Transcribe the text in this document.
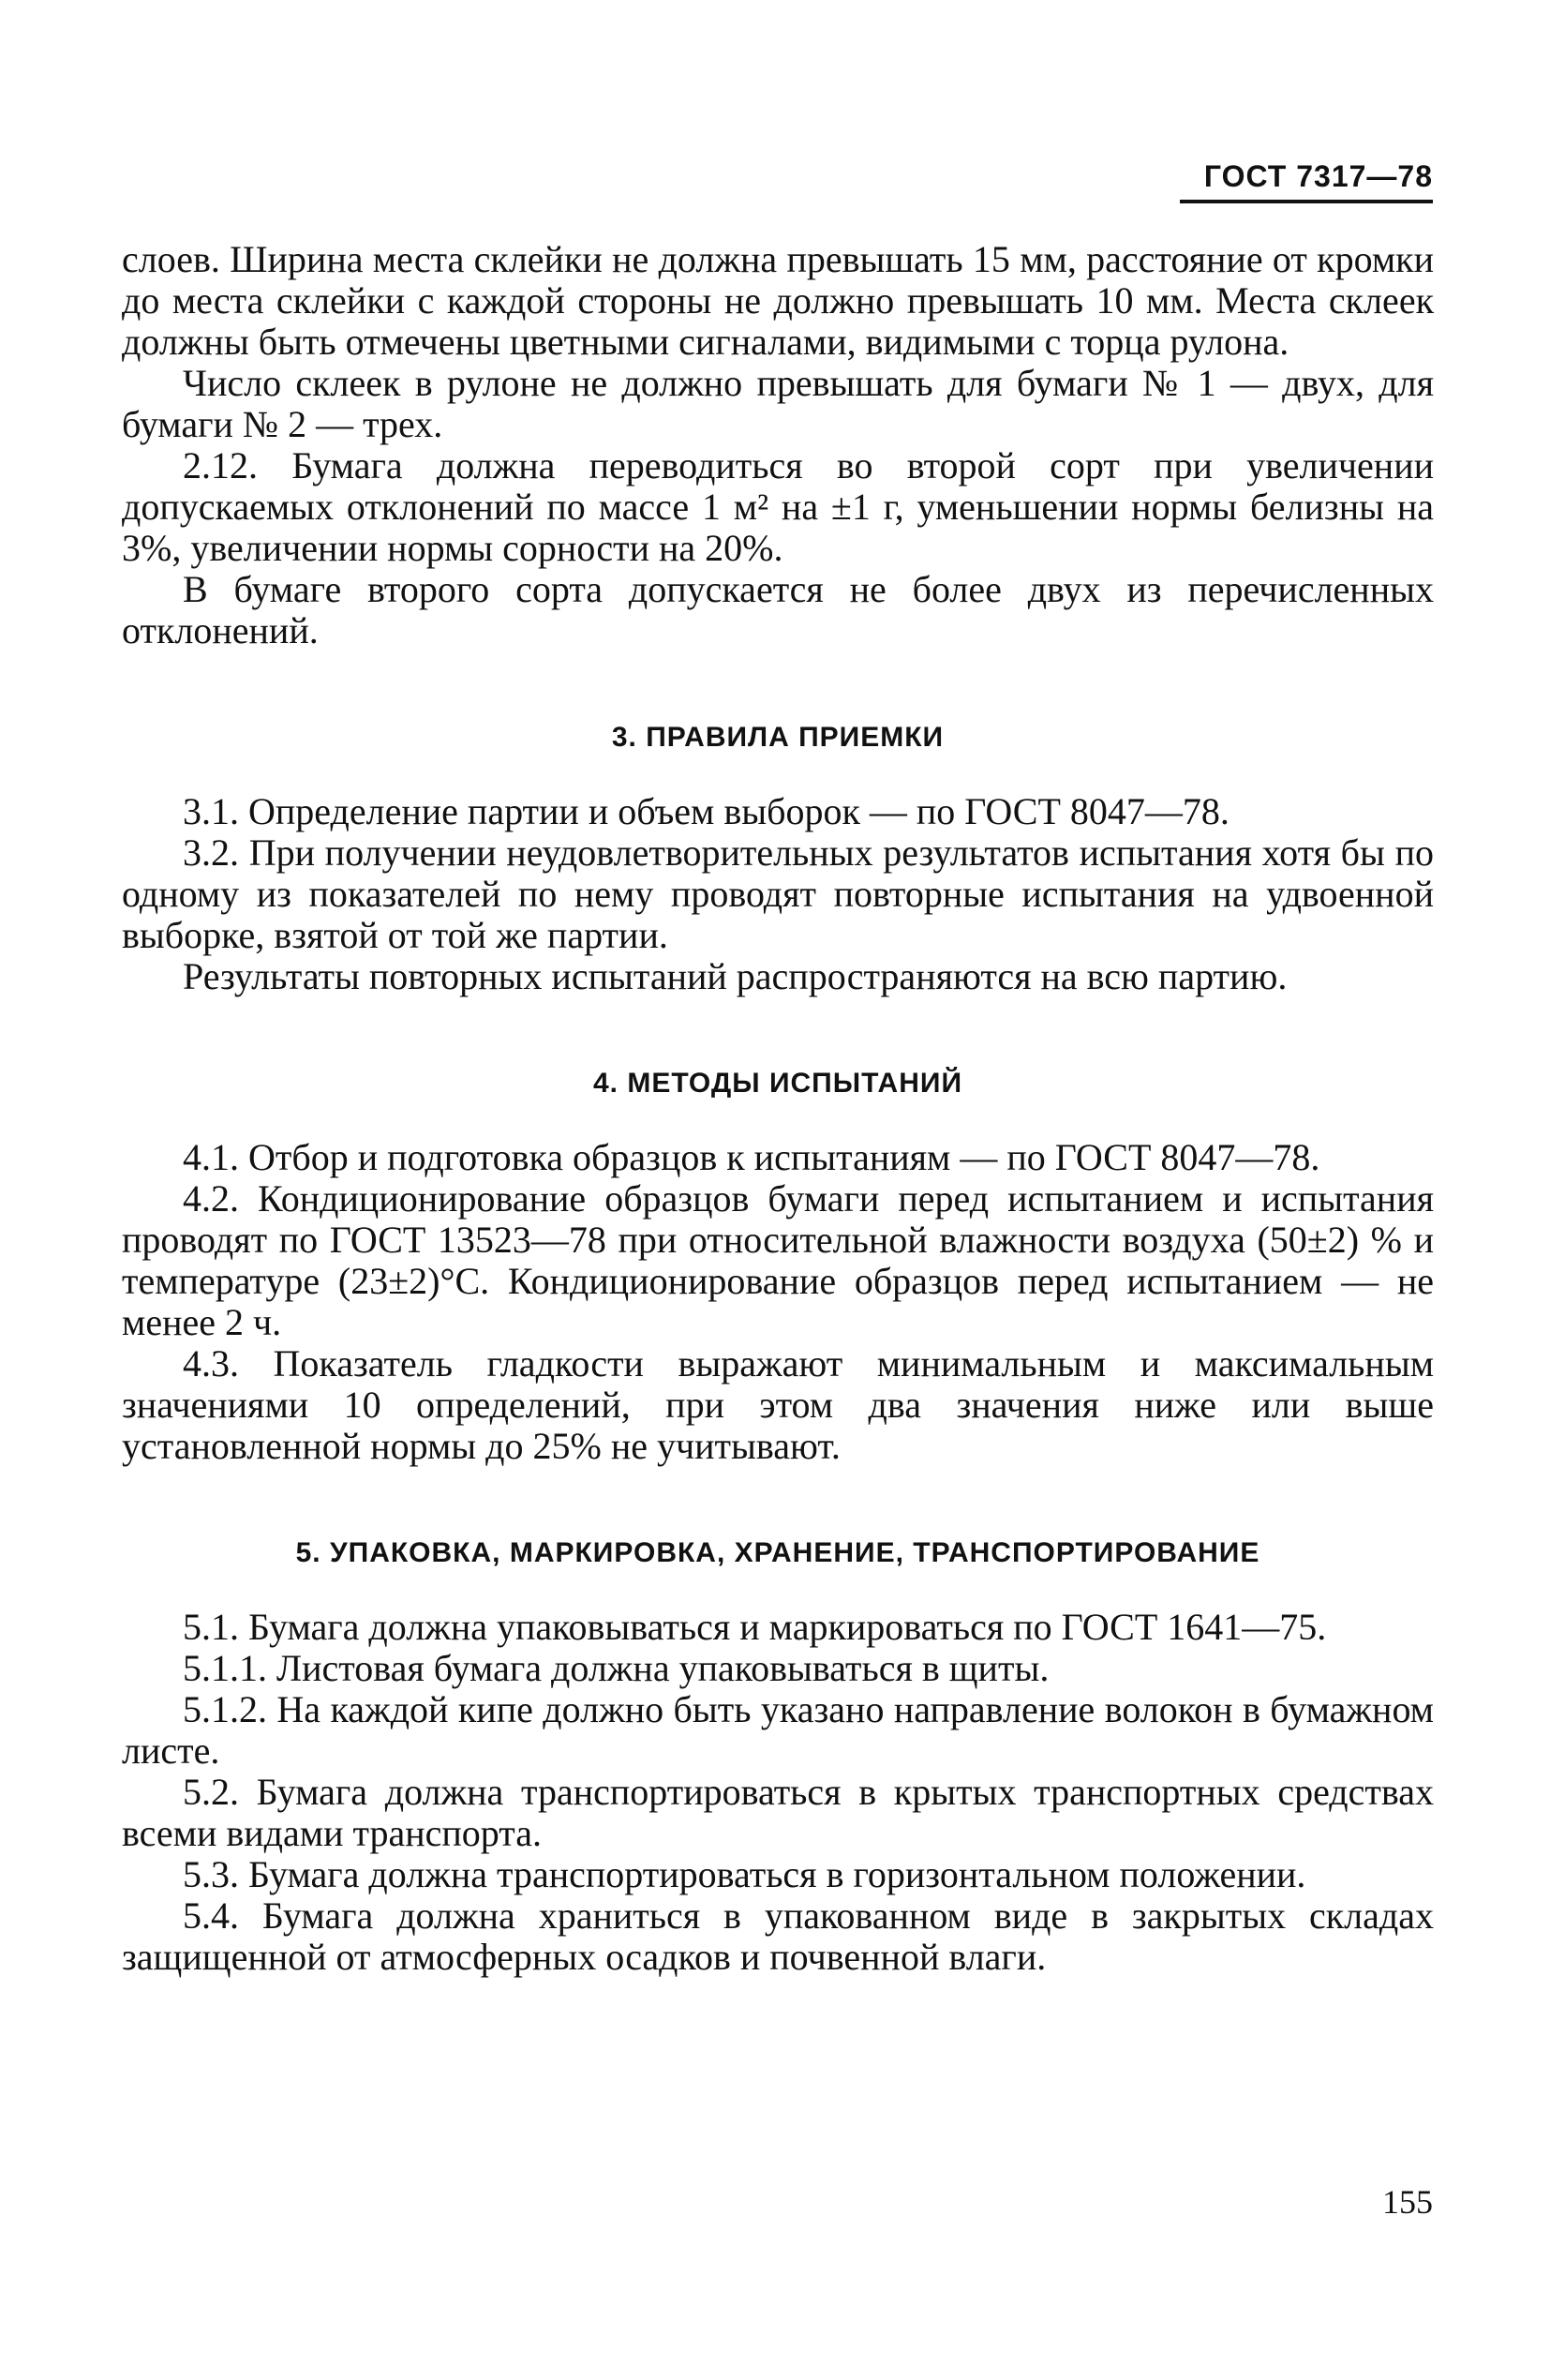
ГОСТ 7317—78

слоев. Ширина места склейки не должна превышать 15 мм, расстояние от кромки до места склейки с каждой стороны не должно превышать 10 мм. Места склеек должны быть отмечены цветными сигналами, видимыми с торца рулона.

Число склеек в рулоне не должно превышать для бумаги № 1 — двух, для бумаги № 2 — трех.

2.12. Бумага должна переводиться во второй сорт при увеличении допускаемых отклонений по массе 1 м² на ±1 г, уменьшении нормы белизны на 3%, увеличении нормы сорности на 20%.

В бумаге второго сорта допускается не более двух из перечисленных отклонений.

3. ПРАВИЛА ПРИЕМКИ

3.1. Определение партии и объем выборок — по ГОСТ 8047—78.

3.2. При получении неудовлетворительных результатов испытания хотя бы по одному из показателей по нему проводят повторные испытания на удвоенной выборке, взятой от той же партии.

Результаты повторных испытаний распространяются на всю партию.

4. МЕТОДЫ ИСПЫТАНИЙ

4.1. Отбор и подготовка образцов к испытаниям — по ГОСТ 8047—78.

4.2. Кондиционирование образцов бумаги перед испытанием и испытания проводят по ГОСТ 13523—78 при относительной влажности воздуха (50±2) % и температуре (23±2)°С. Кондиционирование образцов перед испытанием — не менее 2 ч.

4.3. Показатель гладкости выражают минимальным и максимальным значениями 10 определений, при этом два значения ниже или выше установленной нормы до 25% не учитывают.

5. УПАКОВКА, МАРКИРОВКА, ХРАНЕНИЕ, ТРАНСПОРТИРОВАНИЕ

5.1. Бумага должна упаковываться и маркироваться по ГОСТ 1641—75.

5.1.1. Листовая бумага должна упаковываться в щиты.

5.1.2. На каждой кипе должно быть указано направление волокон в бумажном листе.

5.2. Бумага должна транспортироваться в крытых транспортных средствах всеми видами транспорта.

5.3. Бумага должна транспортироваться в горизонтальном положении.

5.4. Бумага должна храниться в упакованном виде в закрытых складах защищенной от атмосферных осадков и почвенной влаги.

155
